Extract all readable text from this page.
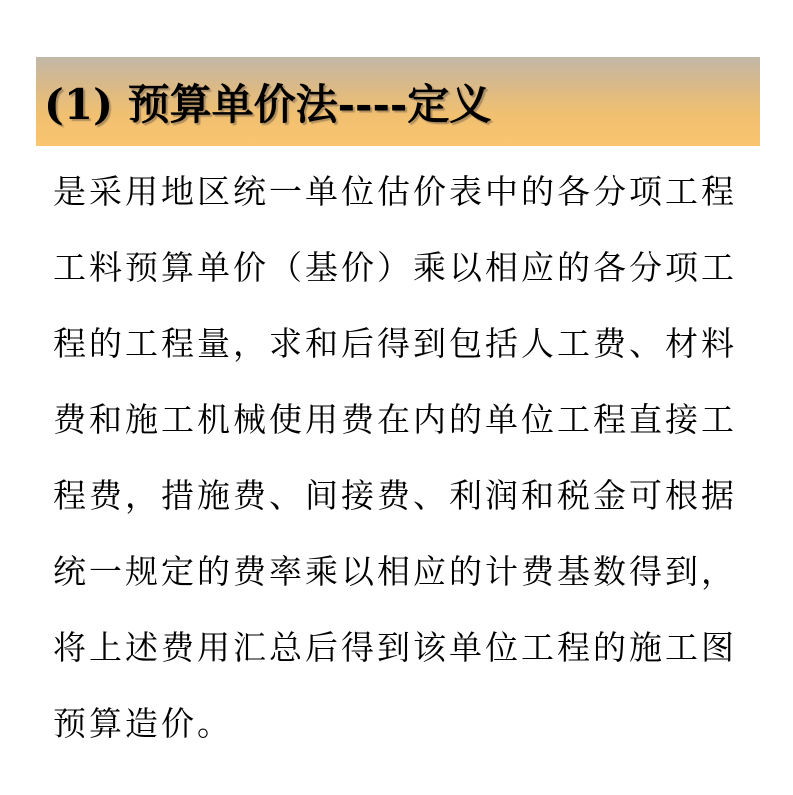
(1) 预算单价法----定义
是采用地区统一单位估价表中的各分项工程
工料预算单价（基价）乘以相应的各分项工
程的工程量，求和后得到包括人工费、材料
费和施工机械使用费在内的单位工程直接工
程费，措施费、间接费、利润和税金可根据
统一规定的费率乘以相应的计费基数得到，
将上述费用汇总后得到该单位工程的施工图
预算造价。
